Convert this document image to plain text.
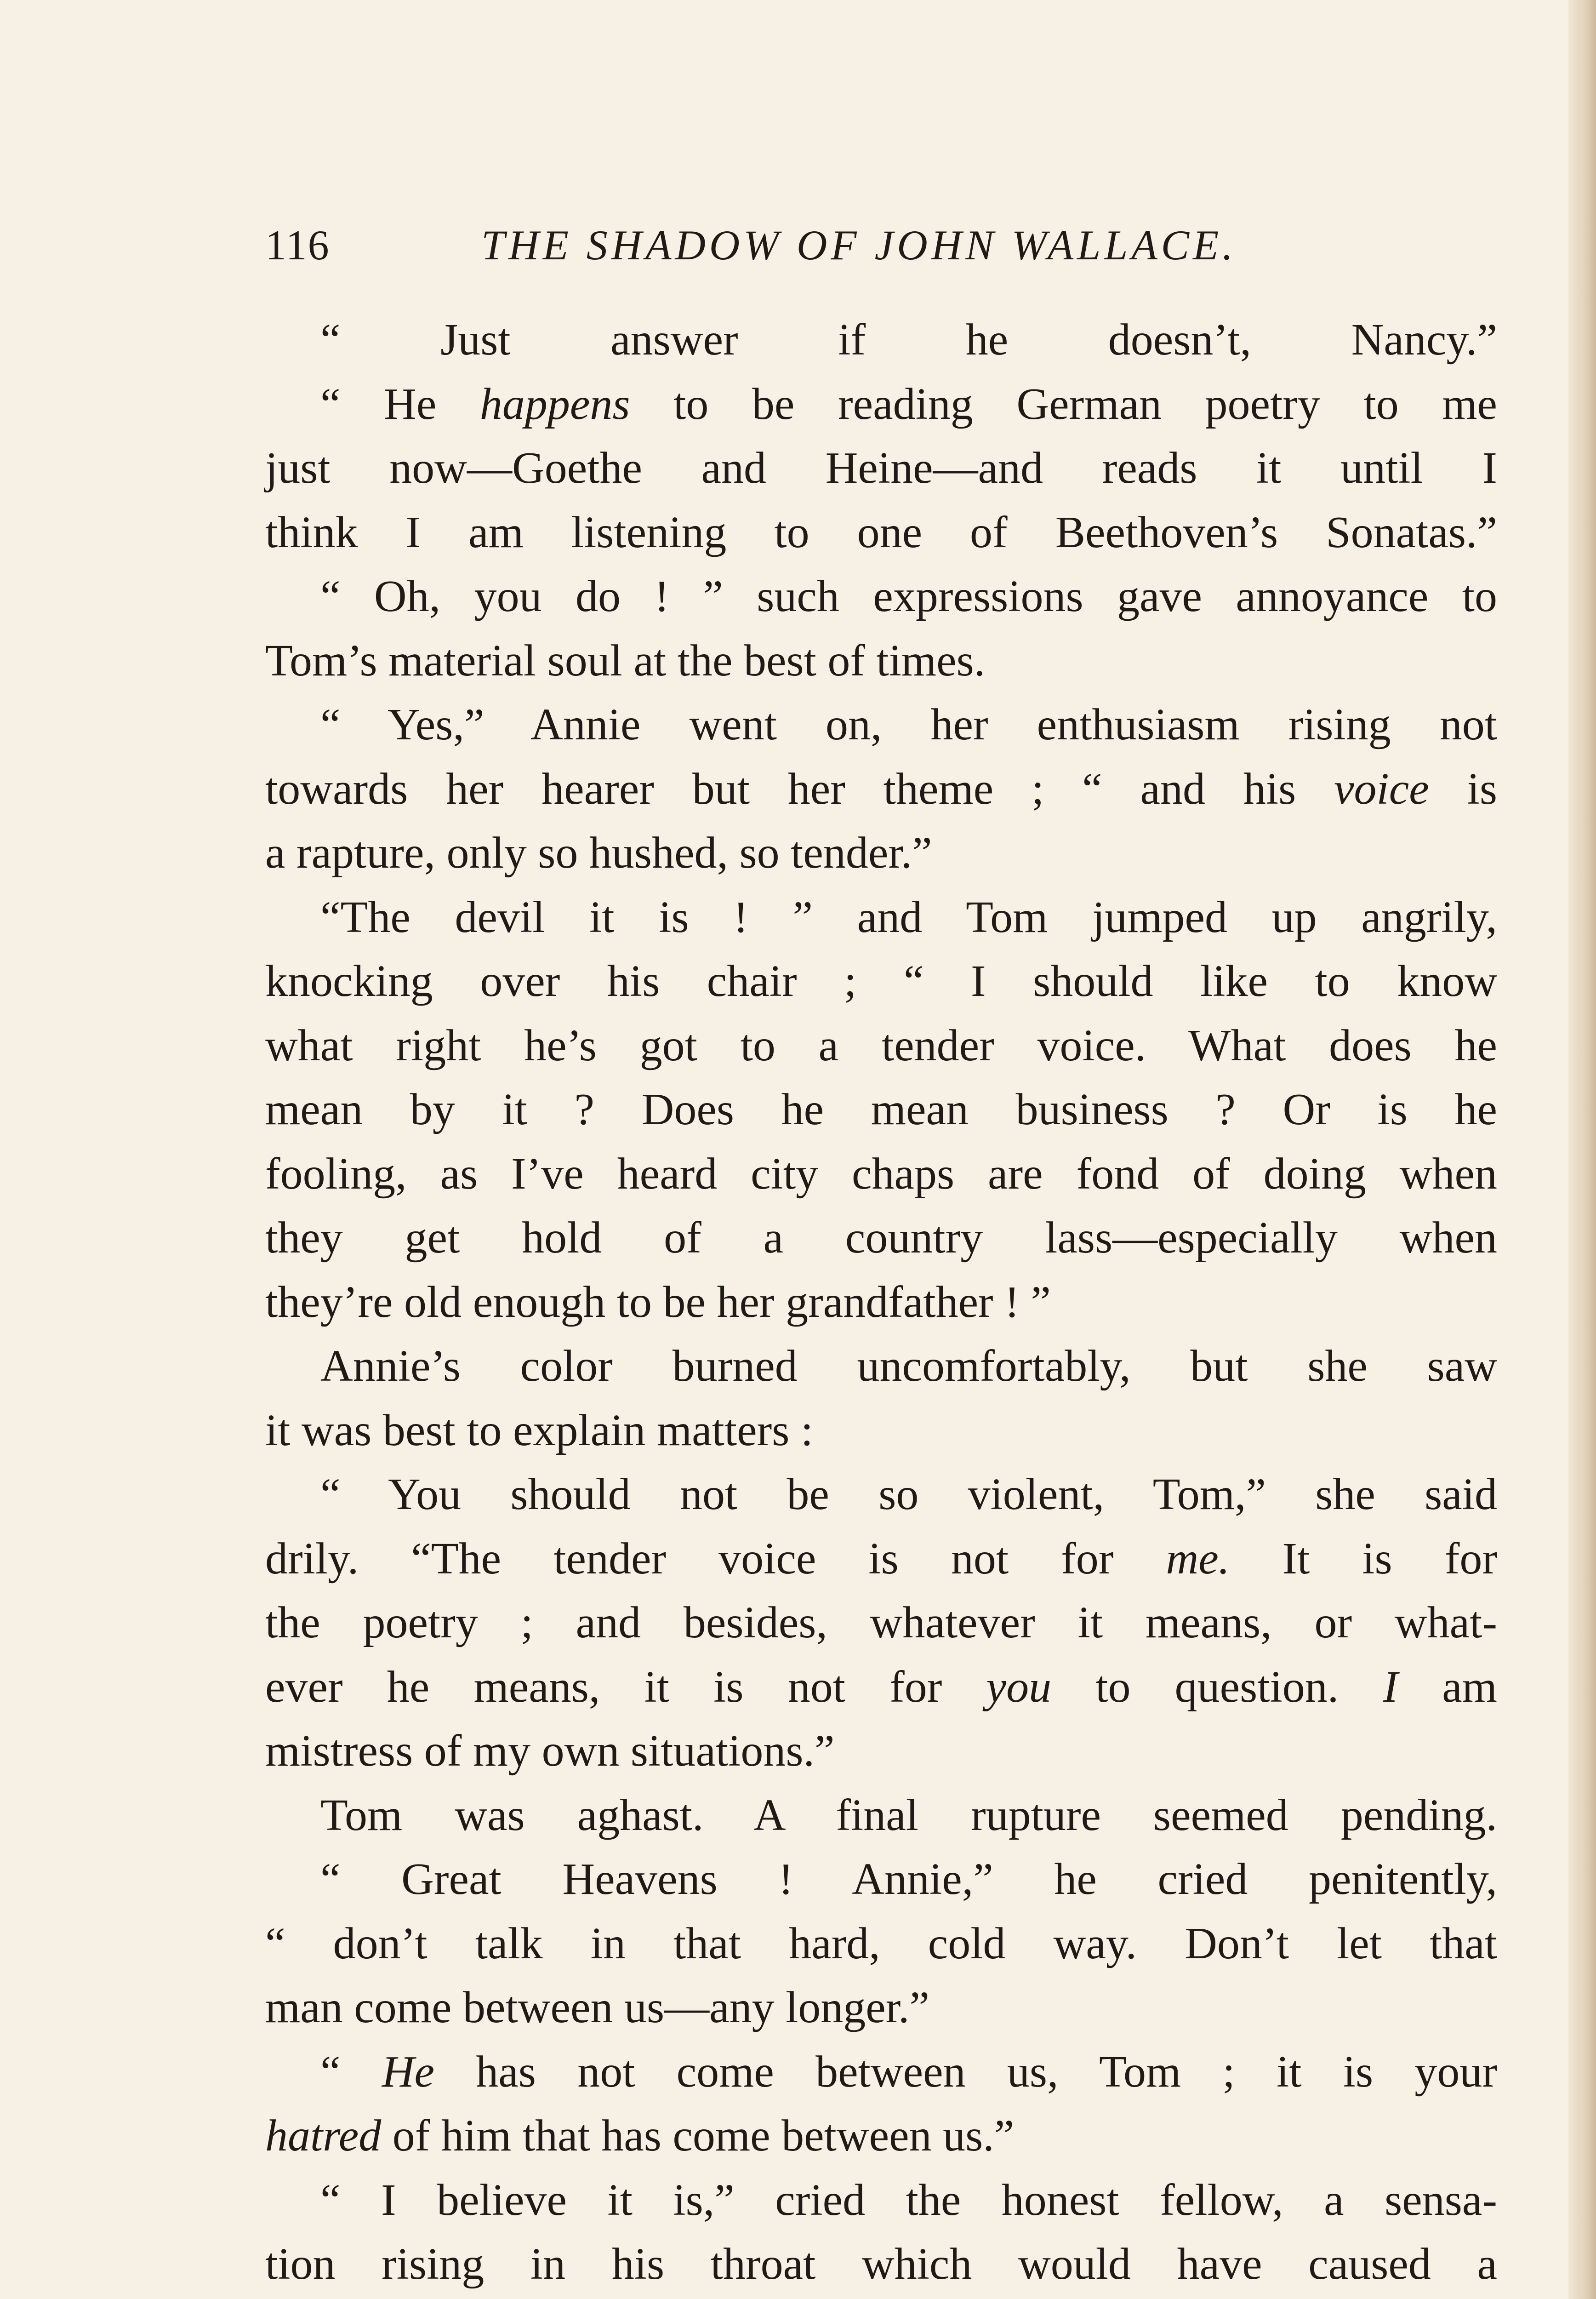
116	THE SHADOW OF JOHN WALLACE.
“ Just answer if he doesn’t, Nancy.”
“ He happens to be reading German poetry to me
just now—Goethe and Heine—and reads it until I
think I am listening to one of Beethoven’s Sonatas.”
“ Oh, you do ! ” such expressions gave annoyance to
Tom’s material soul at the best of times.
“ Yes,” Annie went on, her enthusiasm rising not
towards her hearer but her theme ; “ and his voice is
a rapture, only so hushed, so tender.”
“The devil it is ! ” and Tom jumped up angrily,
knocking over his chair ; “ I should like to know
what right he’s got to a tender voice. What does he
mean by it ? Does he mean business ? Or is he
fooling, as I’ve heard city chaps are fond of doing when
they get hold of a country lass—especially when
they’re old enough to be her grandfather ! ”
Annie’s color burned uncomfortably, but she saw
it was best to explain matters :
“ You should not be so violent, Tom,” she said
drily. “The tender voice is not for me. It is for
the poetry ; and besides, whatever it means, or what-
ever he means, it is not for you to question. I am
mistress of my own situations.”
Tom was aghast. A final rupture seemed pending.
“ Great Heavens ! Annie,” he cried penitently,
“ don’t talk in that hard, cold way. Don’t let that
man come between us—any longer.”
“ He has not come between us, Tom ; it is your
hatred of him that has come between us.”
“ I believe it is,” cried the honest fellow, a sensa-
tion rising in his throat which would have caused a
